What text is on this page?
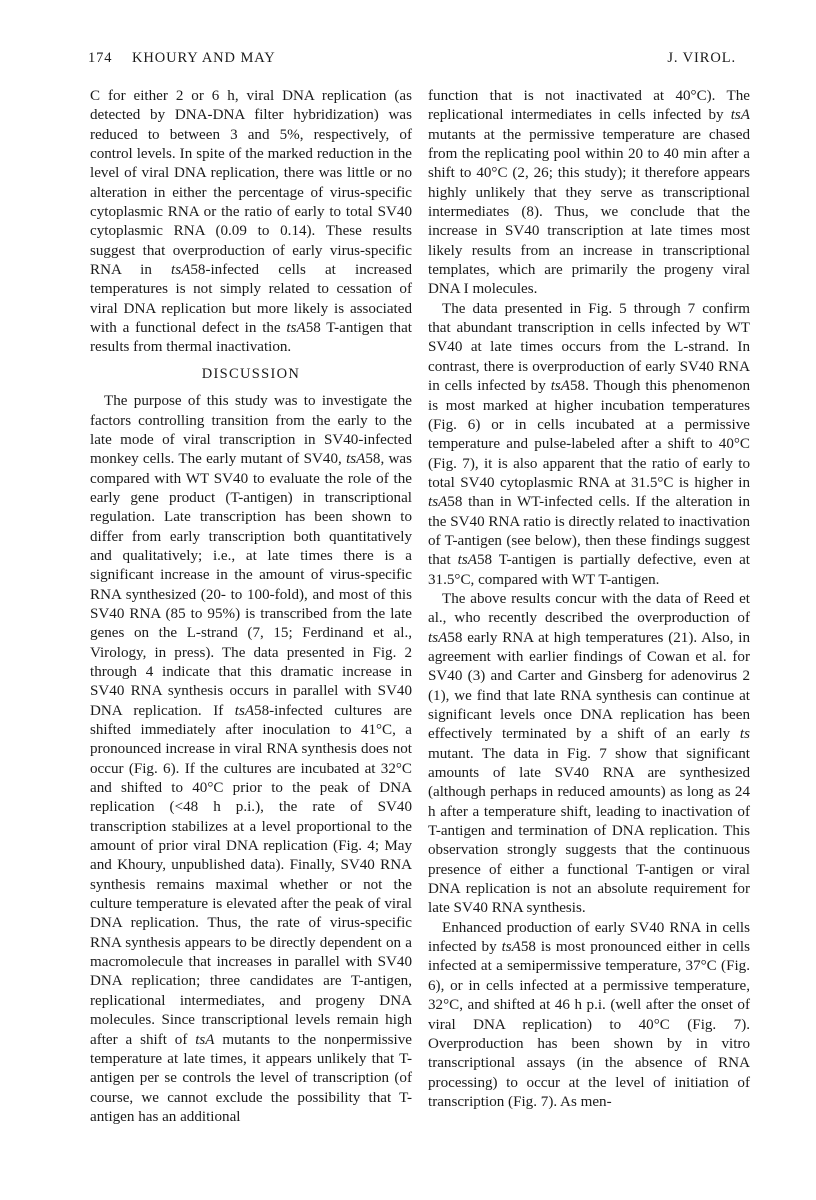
174 KHOURY AND MAY	J. VIROL.

C for either 2 or 6 h, viral DNA replication (as detected by DNA-DNA filter hybridization) was reduced to between 3 and 5%, respectively, of control levels. In spite of the marked reduction in the level of viral DNA replication, there was little or no alteration in either the percentage of virus-specific cytoplasmic RNA or the ratio of early to total SV40 cytoplasmic RNA (0.09 to 0.14). These results suggest that overproduction of early virus-specific RNA in tsA58-infected cells at increased temperatures is not simply related to cessation of viral DNA replication but more likely is associated with a functional defect in the tsA58 T-antigen that results from thermal inactivation.

DISCUSSION

The purpose of this study was to investigate the factors controlling transition from the early to the late mode of viral transcription in SV40-infected monkey cells. The early mutant of SV40, tsA58, was compared with WT SV40 to evaluate the role of the early gene product (T-antigen) in transcriptional regulation. Late transcription has been shown to differ from early transcription both quantitatively and qualitatively; i.e., at late times there is a significant increase in the amount of virus-specific RNA synthesized (20- to 100-fold), and most of this SV40 RNA (85 to 95%) is transcribed from the late genes on the L-strand (7, 15; Ferdinand et al., Virology, in press). The data presented in Fig. 2 through 4 indicate that this dramatic increase in SV40 RNA synthesis occurs in parallel with SV40 DNA replication. If tsA58-infected cultures are shifted immediately after inoculation to 41°C, a pronounced increase in viral RNA synthesis does not occur (Fig. 6). If the cultures are incubated at 32°C and shifted to 40°C prior to the peak of DNA replication (<48 h p.i.), the rate of SV40 transcription stabilizes at a level proportional to the amount of prior viral DNA replication (Fig. 4; May and Khoury, unpublished data). Finally, SV40 RNA synthesis remains maximal whether or not the culture temperature is elevated after the peak of viral DNA replication. Thus, the rate of virus-specific RNA synthesis appears to be directly dependent on a macromolecule that increases in parallel with SV40 DNA replication; three candidates are T-antigen, replicational intermediates, and progeny DNA molecules. Since transcriptional levels remain high after a shift of tsA mutants to the nonpermissive temperature at late times, it appears unlikely that T-antigen per se controls the level of transcription (of course, we cannot exclude the possibility that T-antigen has an additional

function that is not inactivated at 40°C). The replicational intermediates in cells infected by tsA mutants at the permissive temperature are chased from the replicating pool within 20 to 40 min after a shift to 40°C (2, 26; this study); it therefore appears highly unlikely that they serve as transcriptional intermediates (8). Thus, we conclude that the increase in SV40 transcription at late times most likely results from an increase in transcriptional templates, which are primarily the progeny viral DNA I molecules.

The data presented in Fig. 5 through 7 confirm that abundant transcription in cells infected by WT SV40 at late times occurs from the L-strand. In contrast, there is overproduction of early SV40 RNA in cells infected by tsA58. Though this phenomenon is most marked at higher incubation temperatures (Fig. 6) or in cells incubated at a permissive temperature and pulse-labeled after a shift to 40°C (Fig. 7), it is also apparent that the ratio of early to total SV40 cytoplasmic RNA at 31.5°C is higher in tsA58 than in WT-infected cells. If the alteration in the SV40 RNA ratio is directly related to inactivation of T-antigen (see below), then these findings suggest that tsA58 T-antigen is partially defective, even at 31.5°C, compared with WT T-antigen.

The above results concur with the data of Reed et al., who recently described the overproduction of tsA58 early RNA at high temperatures (21). Also, in agreement with earlier findings of Cowan et al. for SV40 (3) and Carter and Ginsberg for adenovirus 2 (1), we find that late RNA synthesis can continue at significant levels once DNA replication has been effectively terminated by a shift of an early ts mutant. The data in Fig. 7 show that significant amounts of late SV40 RNA are synthesized (although perhaps in reduced amounts) as long as 24 h after a temperature shift, leading to inactivation of T-antigen and termination of DNA replication. This observation strongly suggests that the continuous presence of either a functional T-antigen or viral DNA replication is not an absolute requirement for late SV40 RNA synthesis.

Enhanced production of early SV40 RNA in cells infected by tsA58 is most pronounced either in cells infected at a semipermissive temperature, 37°C (Fig. 6), or in cells infected at a permissive temperature, 32°C, and shifted at 46 h p.i. (well after the onset of viral DNA replication) to 40°C (Fig. 7). Overproduction has been shown by in vitro transcriptional assays (in the absence of RNA processing) to occur at the level of initiation of transcription (Fig. 7). As men-
